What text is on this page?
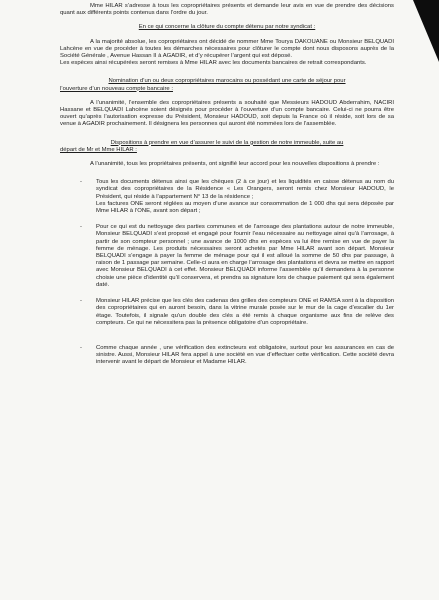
Mme HILAR s’adresse à tous les copropriétaires présents et demande leur avis en vue de prendre des décisions quant aux différents points contenus dans l’ordre du jour.

En ce qui concerne la clôture du compte détenu par notre syndicat :

A la majorité absolue, les copropriétaires ont décidé de nommer Mme Tourya DAKOUANE ou Monsieur BELQUADI Lahcène en vue de procéder à toutes les démarches nécessaires pour clôturer le compte dont nous disposons auprès de la Société Générale , Avenue Hassan II à AGADIR, et d’y récupérer l’argent qui est déposé.

Les espèces ainsi récupérées seront remises à Mme HILAR avec les documents bancaires de retrait correspondants.

Nomination d’un ou deux copropriétaires marocains ou possédant une carte de séjour pour

l’ouverture d’un nouveau compte bancaire :

A l’unanimité, l’ensemble des copropriétaires présents a souhaité que Messieurs HADOUD Abderrahim, NACIRI Hassane et BELQUADI Lahcène soient désignés pour procéder à l’ouverture d’un compte bancaire. Celui-ci ne pourra être ouvert qu’après l’autorisation expresse du Président, Monsieur HADOUD, soit depuis la France où il réside, soit lors de sa venue à AGADIR prochainement. Il désignera les personnes qui auront été nommées lors de l’assemblée.

Dispositions à prendre en vue d’assurer le suivi de la gestion de notre immeuble, suite au

départ de Mr et Mme HILAR :

A l’unanimité, tous les propriétaires présents, ont signifié leur accord pour les nouvelles dispositions à prendre :

- Tous les documents détenus ainsi que les chèques (2 à ce jour) et les liquidités en caisse détenus au nom du syndicat des copropriétaires de la Résidence « Les Orangers, seront remis chez Monsieur HADOUD, le Président, qui réside à l’appartement N° 13 de la résidence ;

Les factures ONE seront réglées au moyen d’une avance sur consommation de 1 000 dhs qui sera déposée par Mme HILAR à l’ONE, avant son départ ;

- Pour ce qui est du nettoyage des parties communes et de l’arrosage des plantations autour de notre immeuble, Monsieur BELQUADI s’est proposé et engagé pour fournir l’eau nécessaire au nettoyage ainsi qu’à l’arrosage, à partir de son compteur personnel ; une avance de 1000 dhs en espèces va lui être remise en vue de payer la femme de ménage. Les produits nécessaires seront achetés par Mme HILAR avant son départ. Monsieur BELQUADI s’engage à payer la femme de ménage pour qui il est alloué la somme de 50 dhs par passage, à raison de 1 passage par semaine. Celle-ci aura en charge l’arrosage des plantations et devra se mettre en rapport avec Monsieur BELQUADI à cet effet. Monsieur BELQUADI informe l’assemblée qu’il demandera à la personne choisie une pièce d’identité qu’il conservera, et prendra sa signature lors de chaque paiement qui sera également daté.

- Monsieur HILAR précise que les clés des cadenas des grilles des compteurs ONE et RAMSA sont à la disposition des copropriétaires qui en auront besoin, dans la vitrine murale posée sur le mur de la cage d’escalier du 1er étage. Toutefois, il signale qu’un double des clés a été remis à chaque organisme aux fins de relève des compteurs. Ce qui ne nécessitera pas la présence obligatoire d’un copropriétaire.

- Comme chaque année , une vérification des extincteurs est obligatoire, surtout pour les assurances en cas de sinistre. Aussi, Monsieur HILAR fera appel à une société en vue d’effectuer cette vérification. Cette société devra intervenir avant le départ de Monsieur et Madame HILAR.
